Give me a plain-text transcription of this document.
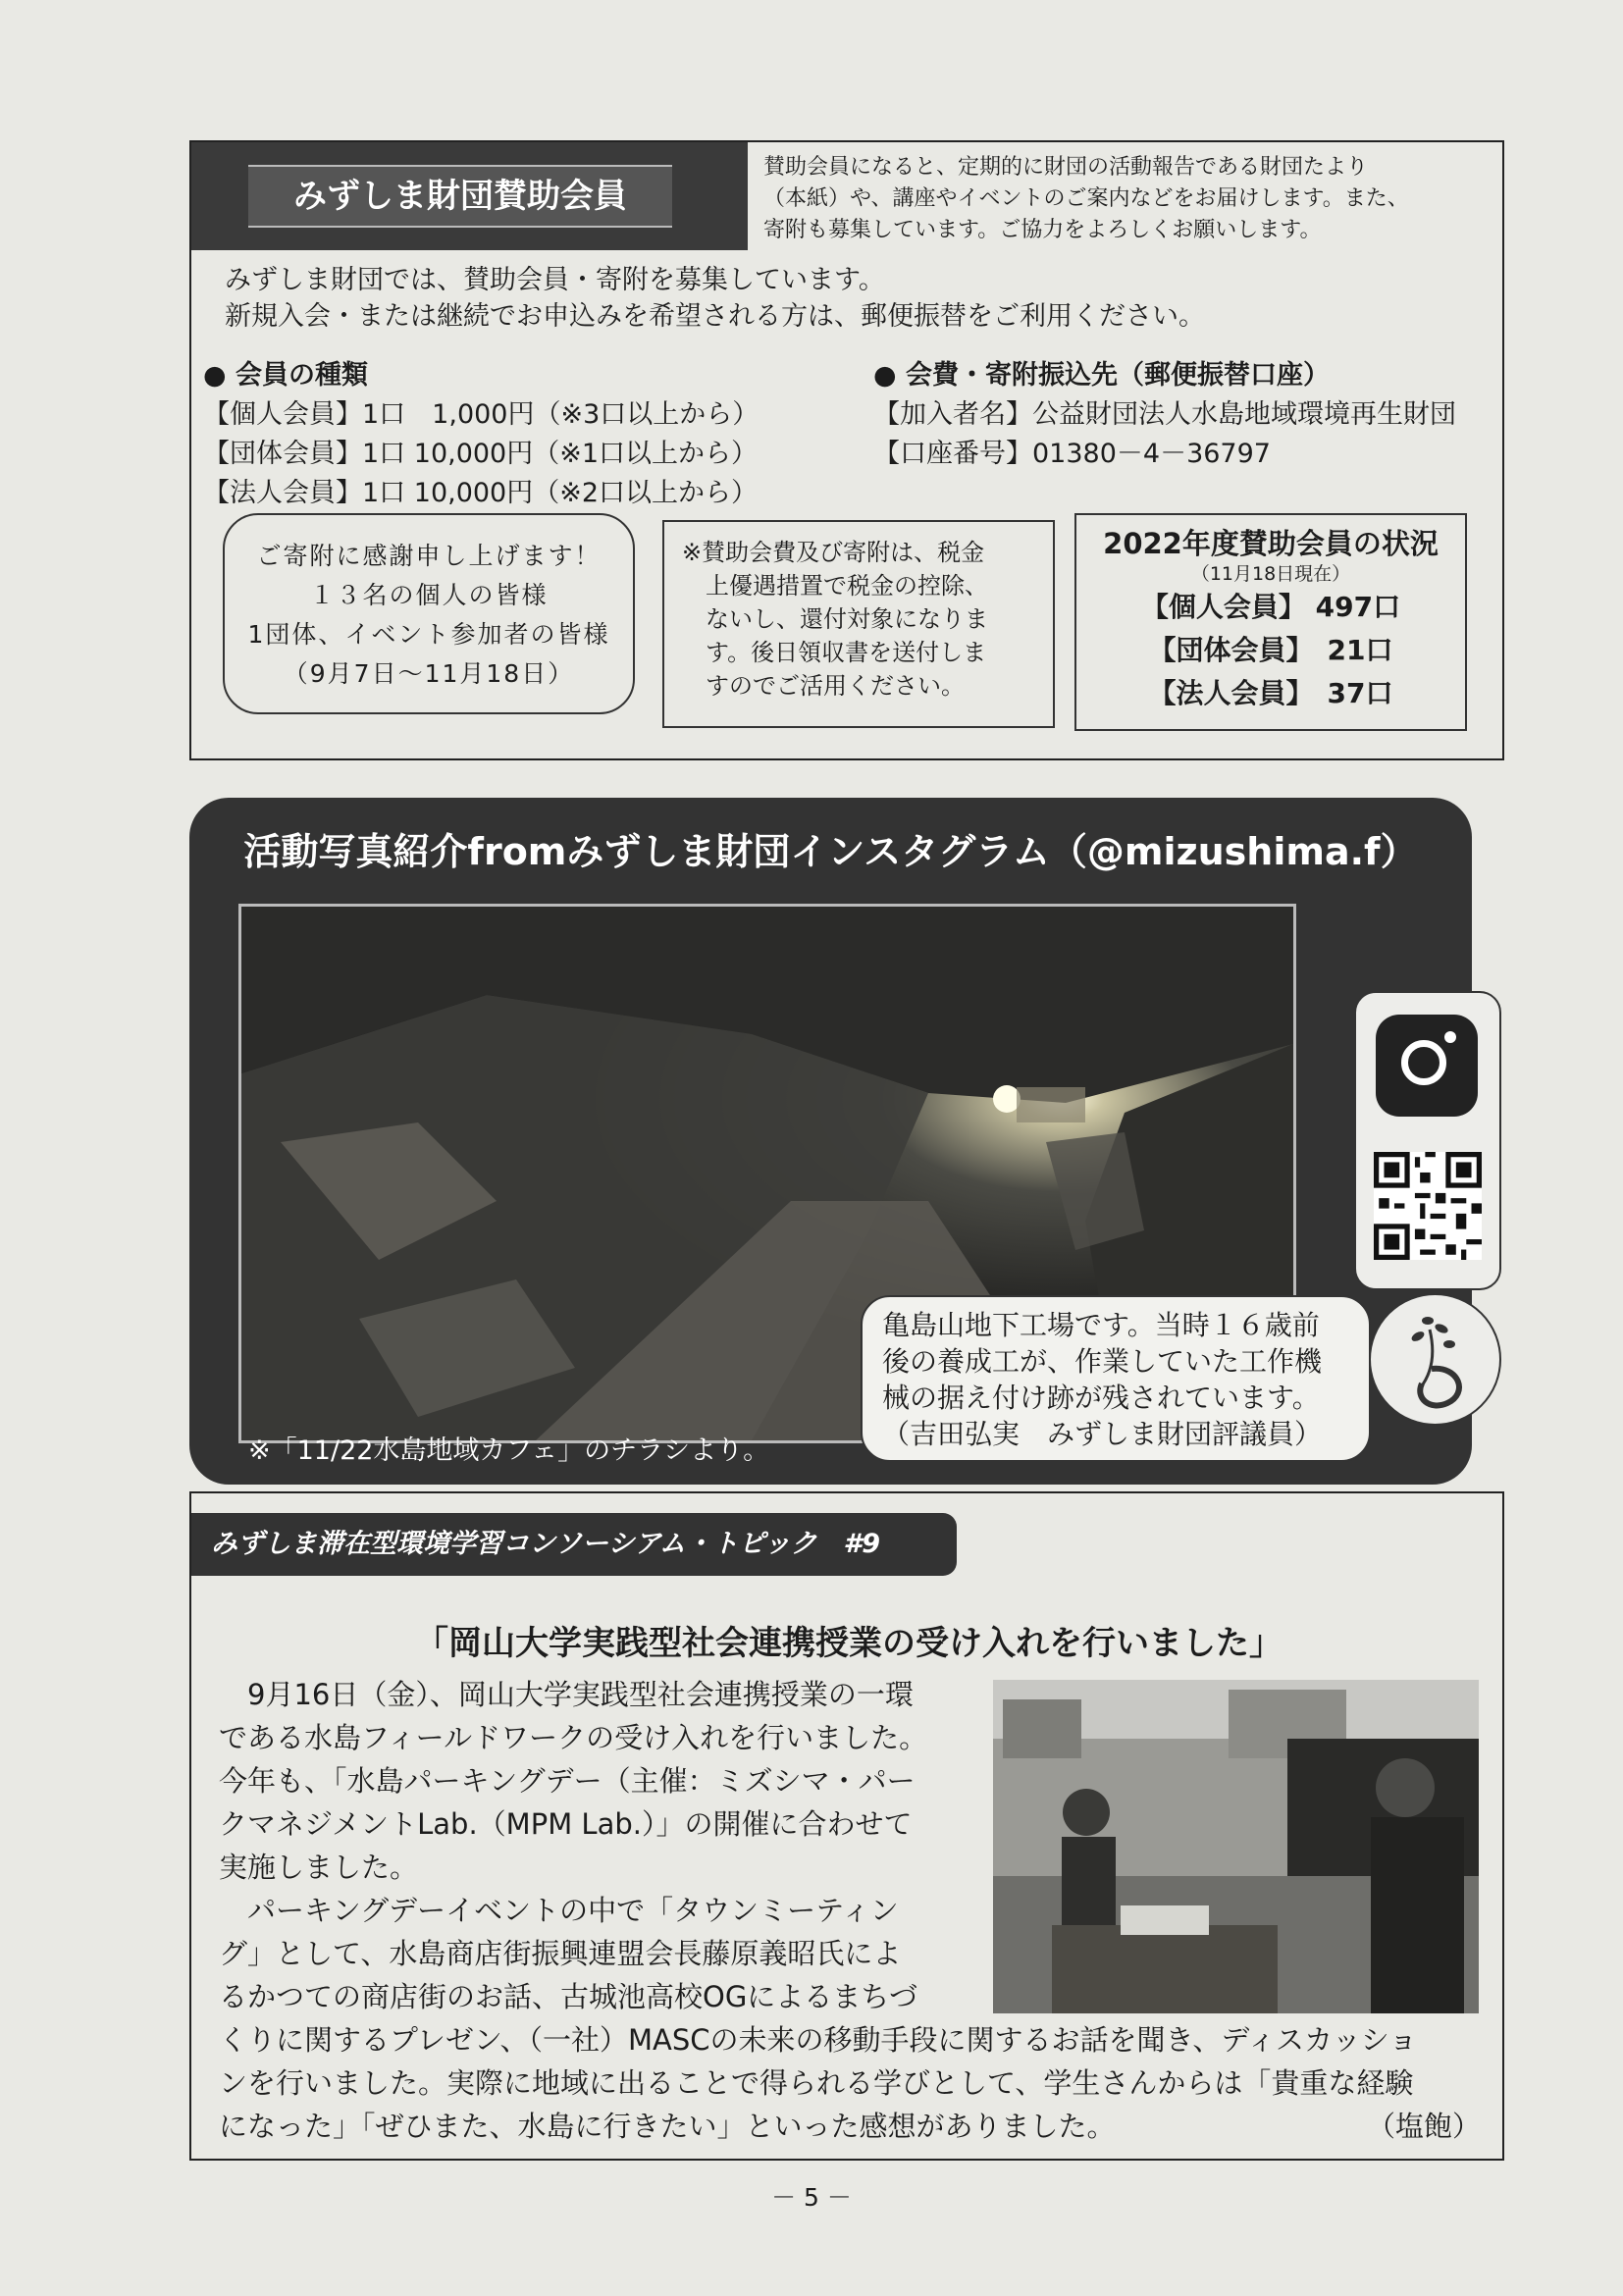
みずしま財団賛助会員
賛助会員になると、定期的に財団の活動報告である財団たより
（本紙）や、講座やイベントのご案内などをお届けします。また、
寄附も募集しています。ご協力をよろしくお願いします。
みずしま財団では、賛助会員・寄附を募集しています。
新規入会・または継続でお申込みを希望される方は、郵便振替をご利用ください。
● 会員の種類
【個人会員】1口　1,000円（※3口以上から）
【団体会員】1口 10,000円（※1口以上から）
【法人会員】1口 10,000円（※2口以上から）
● 会費・寄附振込先（郵便振替口座）
【加入者名】公益財団法人水島地域環境再生財団
【口座番号】01380－4－36797
ご寄附に感謝申し上げます！
１３名の個人の皆様
1団体、イベント参加者の皆様
（9月7日～11月18日）
※賛助会費及び寄附は、税金
　上優遇措置で税金の控除、
　ないし、還付対象になりま
　す。後日領収書を送付しま
　すのでご活用ください。
2022年度賛助会員の状況
（11月18日現在）
【個人会員】 497口
【団体会員】　21口
【法人会員】　37口
活動写真紹介fromみずしま財団インスタグラム（@mizushima.f）
※「11/22水島地域カフェ」のチラシより。
亀島山地下工場です。当時１６歳前
後の養成工が、作業していた工作機
械の据え付け跡が残されています。
（吉田弘実　みずしま財団評議員）
みずしま滞在型環境学習コンソーシアム・トピック　#9
「岡山大学実践型社会連携授業の受け入れを行いました」
　9月16日（金）、岡山大学実践型社会連携授業の一環
である水島フィールドワークの受け入れを行いました。
今年も、「水島パーキングデー（主催：ミズシマ・パー
クマネジメントLab.（MPM Lab.）」の開催に合わせて
実施しました。
　パーキングデーイベントの中で「タウンミーティン
グ」として、水島商店街振興連盟会長藤原義昭氏によ
るかつての商店街のお話、古城池高校OGによるまちづ
くりに関するプレゼン、（一社）MASCの未来の移動手段に関するお話を聞き、ディスカッショ
ンを行いました。実際に地域に出ることで得られる学びとして、学生さんからは「貴重な経験
になった」「ぜひまた、水島に行きたい」といった感想がありました。	（塩飽）
－ 5 －
